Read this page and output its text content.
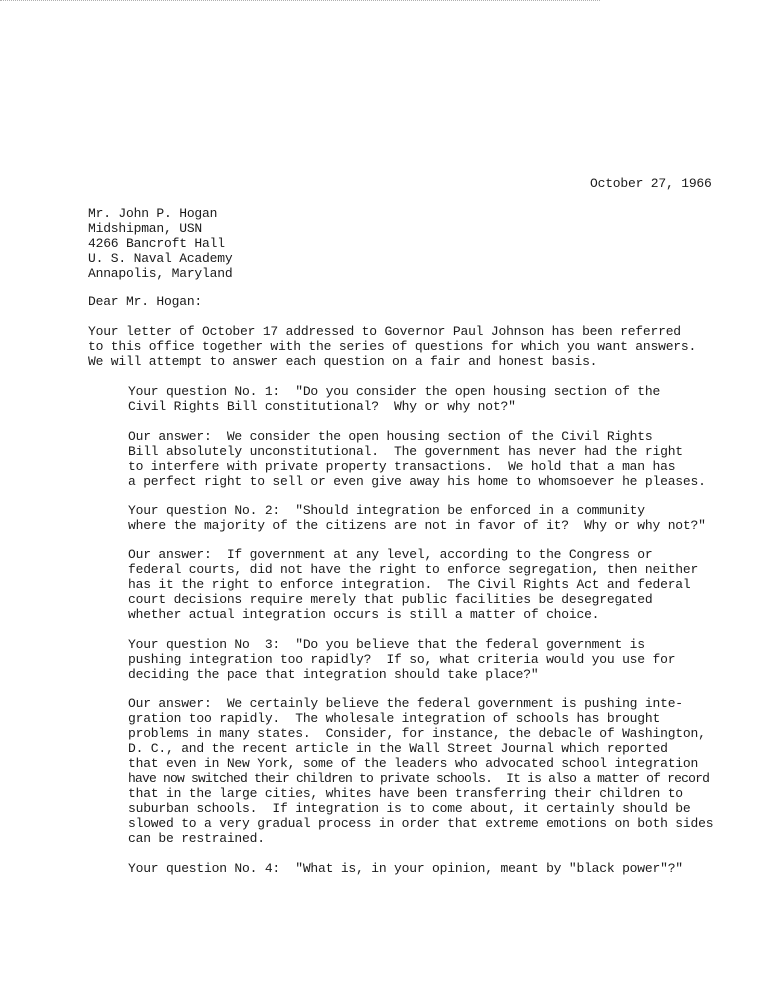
October 27, 1966
Mr. John P. Hogan
Midshipman, USN
4266 Bancroft Hall
U. S. Naval Academy
Annapolis, Maryland
Dear Mr. Hogan:
Your letter of October 17 addressed to Governor Paul Johnson has been referred
to this office together with the series of questions for which you want answers.
We will attempt to answer each question on a fair and honest basis.
Your question No. 1:  "Do you consider the open housing section of the
Civil Rights Bill constitutional?  Why or why not?"
Our answer:  We consider the open housing section of the Civil Rights
Bill absolutely unconstitutional.  The government has never had the right
to interfere with private property transactions.  We hold that a man has
a perfect right to sell or even give away his home to whomsoever he pleases.
Your question No. 2:  "Should integration be enforced in a community
where the majority of the citizens are not in favor of it?  Why or why not?"
Our answer:  If government at any level, according to the Congress or
federal courts, did not have the right to enforce segregation, then neither
has it the right to enforce integration.  The Civil Rights Act and federal
court decisions require merely that public facilities be desegregated
whether actual integration occurs is still a matter of choice.
Your question No  3:  "Do you believe that the federal government is
pushing integration too rapidly?  If so, what criteria would you use for
deciding the pace that integration should take place?"
Our answer:  We certainly believe the federal government is pushing inte-
gration too rapidly.  The wholesale integration of schools has brought
problems in many states.  Consider, for instance, the debacle of Washington,
D. C., and the recent article in the Wall Street Journal which reported
that even in New York, some of the leaders who advocated school integration
have now switched their children to private schools.  It is also a matter of record
that in the large cities, whites have been transferring their children to
suburban schools.  If integration is to come about, it certainly should be
slowed to a very gradual process in order that extreme emotions on both sides
can be restrained.
Your question No. 4:  "What is, in your opinion, meant by "black power"?"
